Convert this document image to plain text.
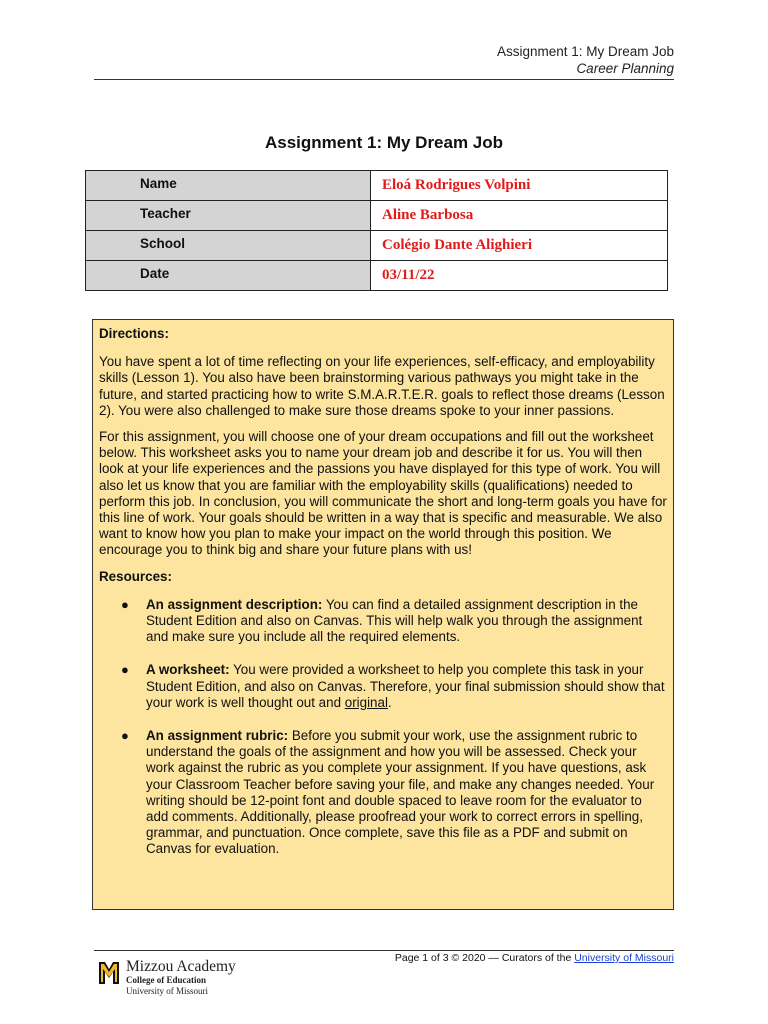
Assignment 1: My Dream Job
Career Planning
Assignment 1: My Dream Job
Name	Eloá Rodrigues Volpini
Teacher	Aline Barbosa
School	Colégio Dante Alighieri
Date	03/11/22

Directions:

You have spent a lot of time reflecting on your life experiences, self-efficacy, and employability skills (Lesson 1). You also have been brainstorming various pathways you might take in the future, and started practicing how to write S.M.A.R.T.E.R. goals to reflect those dreams (Lesson 2). You were also challenged to make sure those dreams spoke to your inner passions.

For this assignment, you will choose one of your dream occupations and fill out the worksheet below. This worksheet asks you to name your dream job and describe it for us. You will then look at your life experiences and the passions you have displayed for this type of work. You will also let us know that you are familiar with the employability skills (qualifications) needed to perform this job. In conclusion, you will communicate the short and long-term goals you have for this line of work. Your goals should be written in a way that is specific and measurable. We also want to know how you plan to make your impact on the world through this position. We encourage you to think big and share your future plans with us!

Resources:

● An assignment description: You can find a detailed assignment description in the Student Edition and also on Canvas. This will help walk you through the assignment and make sure you include all the required elements.
● A worksheet: You were provided a worksheet to help you complete this task in your Student Edition, and also on Canvas. Therefore, your final submission should show that your work is well thought out and original.
● An assignment rubric: Before you submit your work, use the assignment rubric to understand the goals of the assignment and how you will be assessed. Check your work against the rubric as you complete your assignment. If you have questions, ask your Classroom Teacher before saving your file, and make any changes needed. Your writing should be 12-point font and double spaced to leave room for the evaluator to add comments. Additionally, please proofread your work to correct errors in spelling, grammar, and punctuation. Once complete, save this file as a PDF and submit on Canvas for evaluation.
Page 1 of 3 © 2020 — Curators of the University of Missouri
Mizzou Academy
College of Education
University of Missouri
